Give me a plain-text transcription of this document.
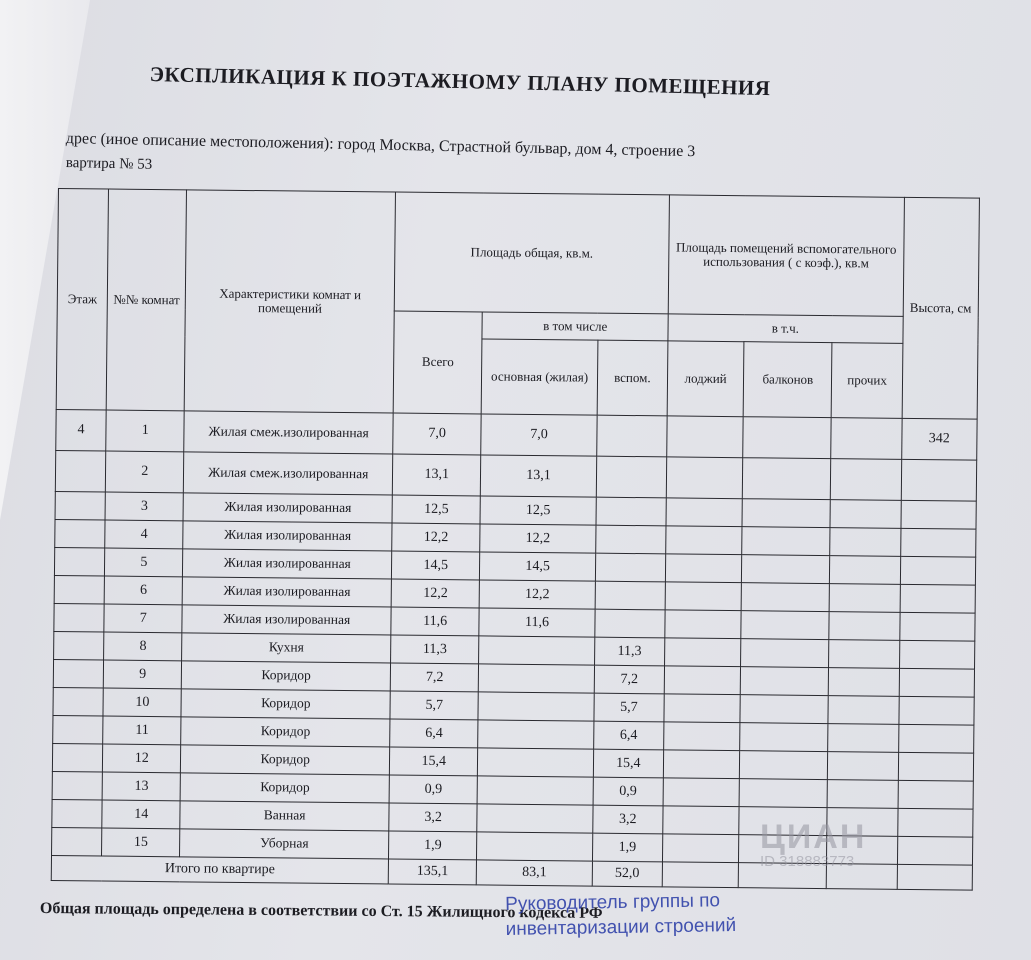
ЭКСПЛИКАЦИЯ К ПОЭТАЖНОМУ ПЛАНУ ПОМЕЩЕНИЯ
дрес (иное описание местоположения): город Москва, Страстной бульвар, дом 4, строение 3
вартира № 53
Этаж	№№ комнат	Характеристики комнат и помещений	Площадь общая, кв.м.			Площадь помещений вспомогательного использования ( с коэф.), кв.м			Высота, см
			Всего	в том числе		в т.ч.			
				основная (жилая)	вспом.	лоджий	балконов	прочих	
4	1	Жилая смеж.изолированная	7,0	7,0					342
	2	Жилая смеж.изолированная	13,1	13,1					
	3	Жилая изолированная	12,5	12,5					
	4	Жилая изолированная	12,2	12,2					
	5	Жилая изолированная	14,5	14,5					
	6	Жилая изолированная	12,2	12,2					
	7	Жилая изолированная	11,6	11,6					
	8	Кухня	11,3		11,3				
	9	Коридор	7,2		7,2				
	10	Коридор	5,7		5,7				
	11	Коридор	6,4		6,4				
	12	Коридор	15,4		15,4				
	13	Коридор	0,9		0,9				
	14	Ванная	3,2		3,2				
	15	Уборная	1,9		1,9				
Итого по квартире			135,1	83,1	52,0				
Общая площадь определена в соответствии со Ст. 15 Жилищного кодекса РФ
Руководитель группы по
инвентаризации строений
ЦИАН
ID 318883773
